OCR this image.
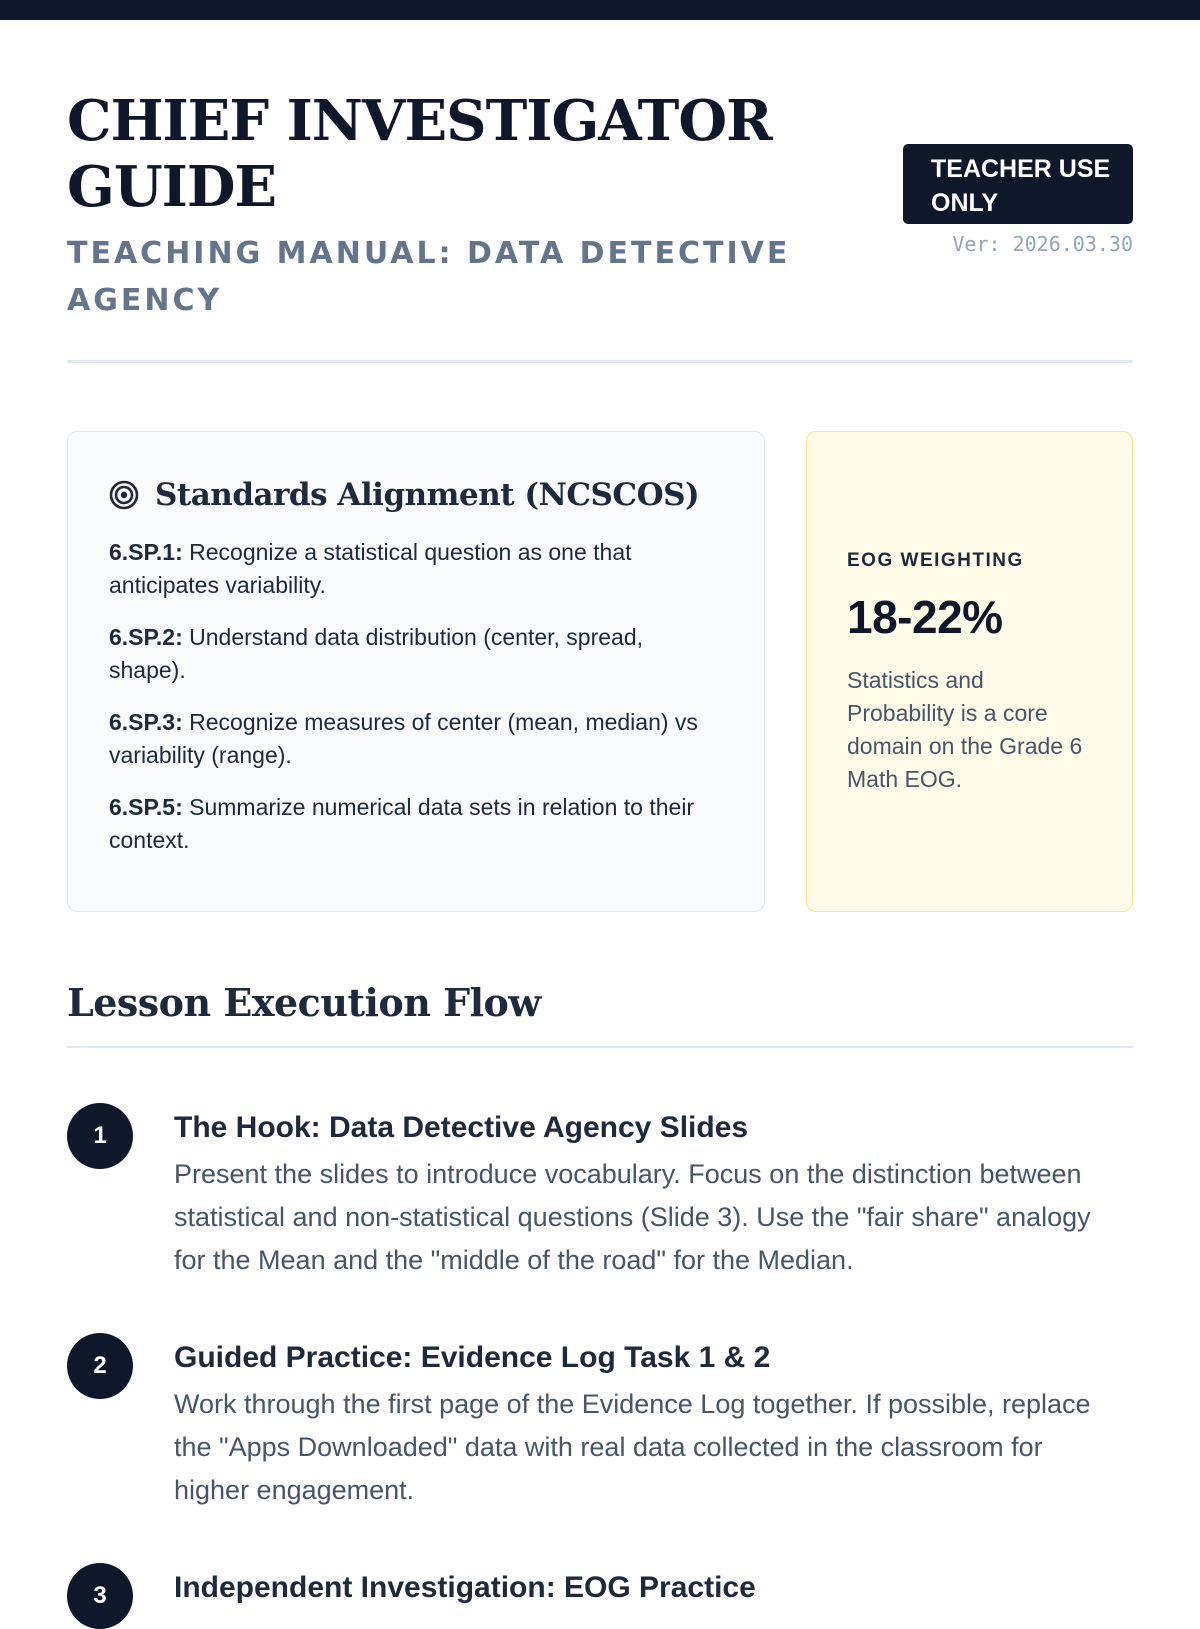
CHIEF INVESTIGATOR GUIDE
TEACHING MANUAL: DATA DETECTIVE AGENCY
TEACHER USE ONLY
Ver: 2026.03.30
Standards Alignment (NCSCOS)

6.SP.1: Recognize a statistical question as one that anticipates variability.

6.SP.2: Understand data distribution (center, spread, shape).

6.SP.3: Recognize measures of center (mean, median) vs variability (range).

6.SP.5: Summarize numerical data sets in relation to their context.

EOG WEIGHTING
18-22%
Statistics and Probability is a core domain on the Grade 6 Math EOG.
Lesson Execution Flow
1	The Hook: Data Detective Agency Slides

Present the slides to introduce vocabulary. Focus on the distinction between statistical and non-statistical questions (Slide 3). Use the "fair share" analogy for the Mean and the "middle of the road" for the Median.

2	Guided Practice: Evidence Log Task 1 & 2

Work through the first page of the Evidence Log together. If possible, replace the "Apps Downloaded" data with real data collected in the classroom for higher engagement.

3	Independent Investigation: EOG Practice
